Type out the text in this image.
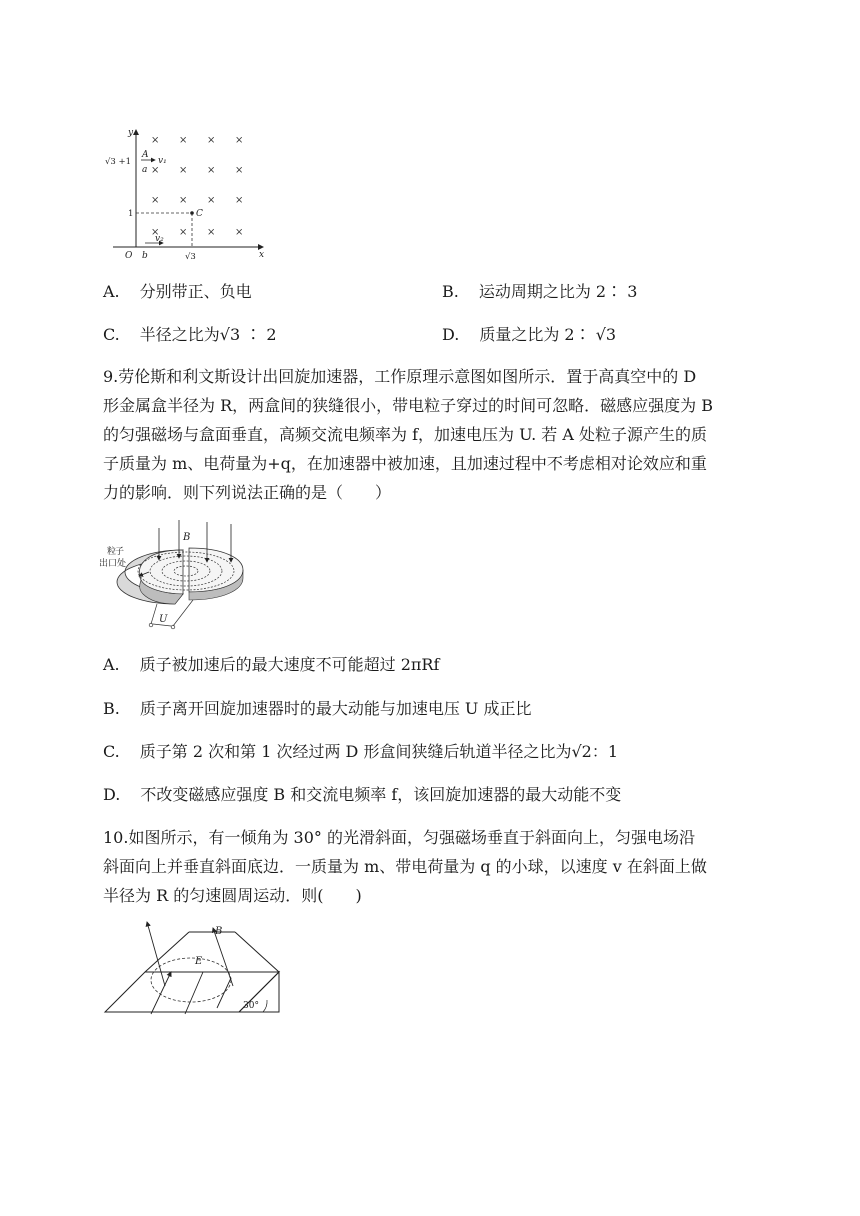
× × × ×
× × × ×
× × × ×
× × × ×
y
x
O
A
a
v₁
b
v₂
C
√3 +1
1
√3
A. 分别带正、负电	B. 运动周期之比为 2∶ 3
C. 半径之比为√3 ∶ 2	D. 质量之比为 2∶ √3

9.劳伦斯和利文斯设计出回旋加速器，工作原理示意图如图所示．置于高真空中的 D

形金属盒半径为 R，两盒间的狭缝很小，带电粒子穿过的时间可忽略．磁感应强度为 B

的匀强磁场与盒面垂直，高频交流电频率为 f，加速电压为 U. 若 A 处粒子源产生的质

子质量为 m、电荷量为+q，在加速器中被加速，且加速过程中不考虑相对论效应和重

力的影响．则下列说法正确的是（　　）

B
粒
子
出口处
U
A. 质子被加速后的最大速度不可能超过 2πRf
B. 质子离开回旋加速器时的最大动能与加速电压 U 成正比
C. 质子第 2 次和第 1 次经过两 D 形盒间狭缝后轨道半径之比为√2：1
D. 不改变磁感应强度 B 和交流电频率 f，该回旋加速器的最大动能不变

10.如图所示，有一倾角为 30° 的光滑斜面，匀强磁场垂直于斜面向上，匀强电场沿

斜面向上并垂直斜面底边．一质量为 m、带电荷量为 q 的小球，以速度 v 在斜面上做

半径为 R 的匀速圆周运动．则(　　)

B
E
30°
